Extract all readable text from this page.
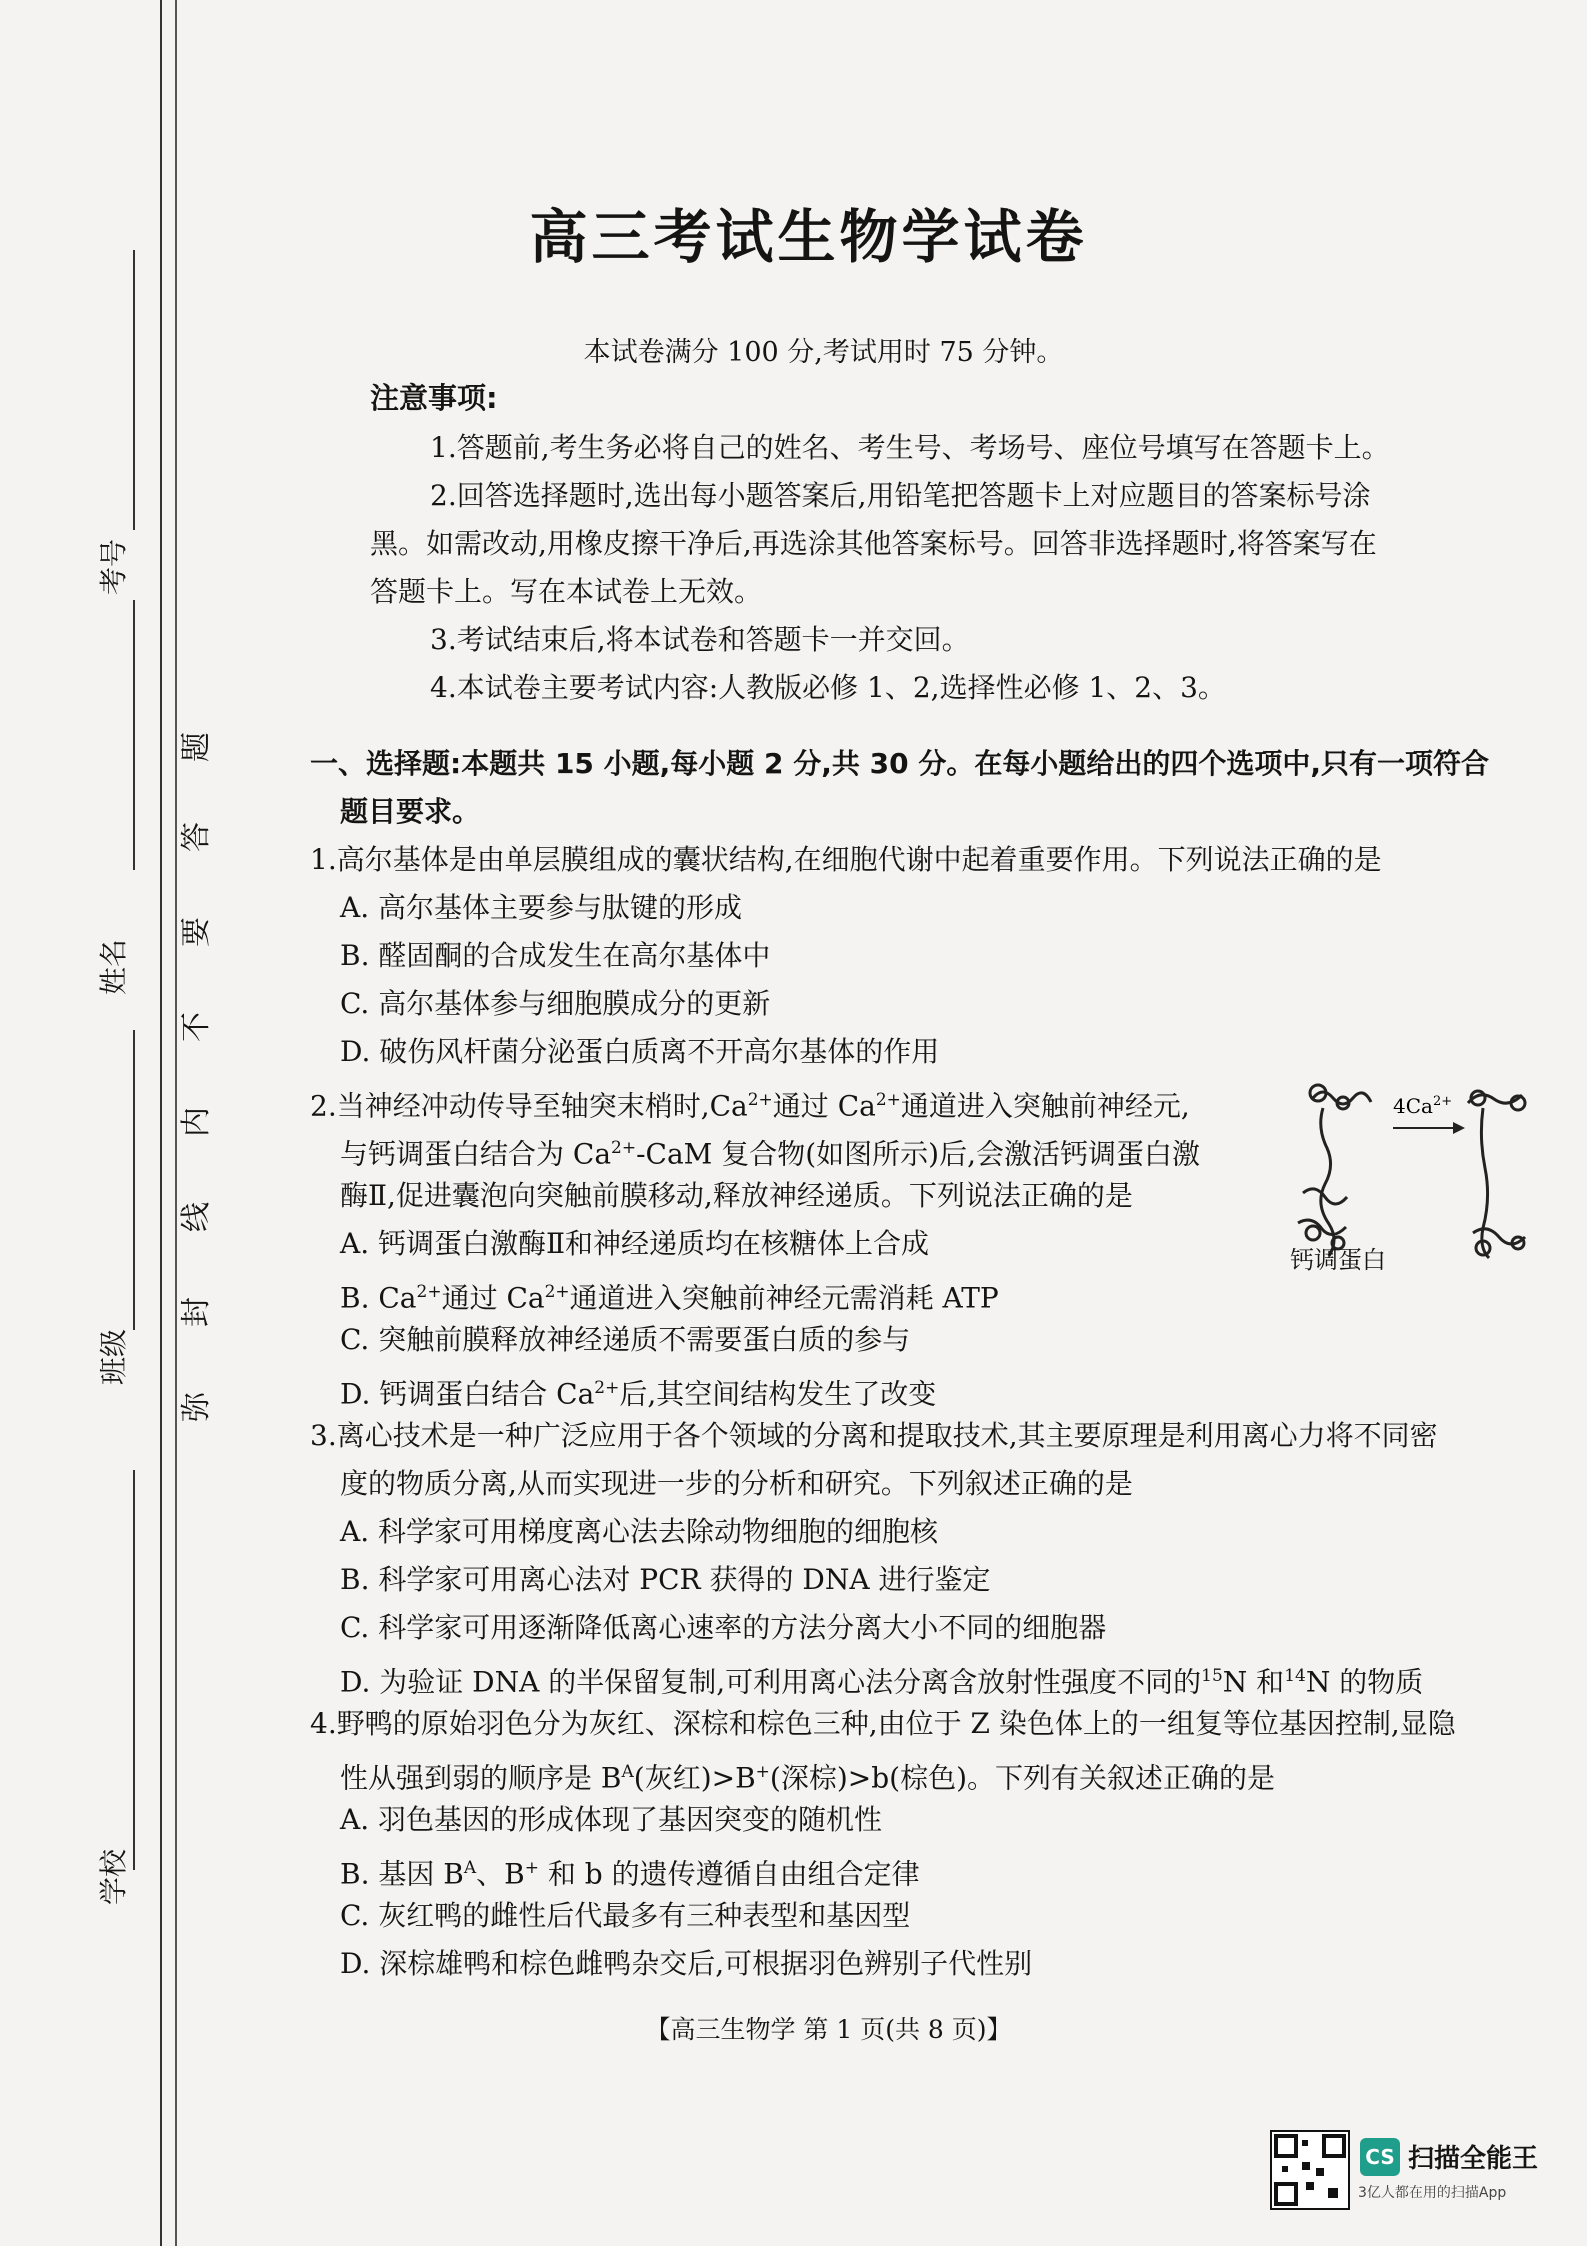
考号
姓名
班级
学校
题
答
要
不
内
线
封
弥
高三考试生物学试卷
本试卷满分 100 分,考试用时 75 分钟。
注意事项:
1.答题前,考生务必将自己的姓名、考生号、考场号、座位号填写在答题卡上。
2.回答选择题时,选出每小题答案后,用铅笔把答题卡上对应题目的答案标号涂
黑。如需改动,用橡皮擦干净后,再选涂其他答案标号。回答非选择题时,将答案写在
答题卡上。写在本试卷上无效。
3.考试结束后,将本试卷和答题卡一并交回。
4.本试卷主要考试内容:人教版必修 1、2,选择性必修 1、2、3。
一、选择题:本题共 15 小题,每小题 2 分,共 30 分。在每小题给出的四个选项中,只有一项符合
题目要求。
1.高尔基体是由单层膜组成的囊状结构,在细胞代谢中起着重要作用。下列说法正确的是
A. 高尔基体主要参与肽键的形成
B. 醛固酮的合成发生在高尔基体中
C. 高尔基体参与细胞膜成分的更新
D. 破伤风杆菌分泌蛋白质离不开高尔基体的作用
2.当神经冲动传导至轴突末梢时$,Ca^{2+}$通过 $Ca^{2+}$通道进入突触前神经元,
与钙调蛋白结合为 $Ca^{2+}$-CaM 复合物(如图所示)后,会激活钙调蛋白激
酶Ⅱ,促进囊泡向突触前膜移动,释放神经递质。下列说法正确的是
A. 钙调蛋白激酶Ⅱ和神经递质均在核糖体上合成
B. $Ca^{2+}$通过 $Ca^{2+}$通道进入突触前神经元需消耗 ATP
C. 突触前膜释放神经递质不需要蛋白质的参与
D. 钙调蛋白结合 $Ca^{2+}$后,其空间结构发生了改变
$4Ca^{2+}$
钙调蛋白
3.离心技术是一种广泛应用于各个领域的分离和提取技术,其主要原理是利用离心力将不同密
度的物质分离,从而实现进一步的分析和研究。下列叙述正确的是
A. 科学家可用梯度离心法去除动物细胞的细胞核
B. 科学家可用离心法对 PCR 获得的 DNA 进行鉴定
C. 科学家可用逐渐降低离心速率的方法分离大小不同的细胞器
D. 为验证 DNA 的半保留复制,可利用离心法分离含放射性强度不同的$^{15}$N 和$^{14}$N 的物质
4.野鸭的原始羽色分为灰红、深棕和棕色三种,由位于 Z 染色体上的一组复等位基因控制,显隐
性从强到弱的顺序是 $B^A$(灰红)>B+(深棕)>b(棕色)。下列有关叙述正确的是
A. 羽色基因的形成体现了基因突变的随机性
B. 基因 $B^A$、B+ 和 b 的遗传遵循自由组合定律
C. 灰红鸭的雌性后代最多有三种表型和基因型
D. 深棕雄鸭和棕色雌鸭杂交后,可根据羽色辨别子代性别
【高三生物学 第 1 页(共 8 页)】
CS 扫描全能王
3亿人都在用的扫描App
